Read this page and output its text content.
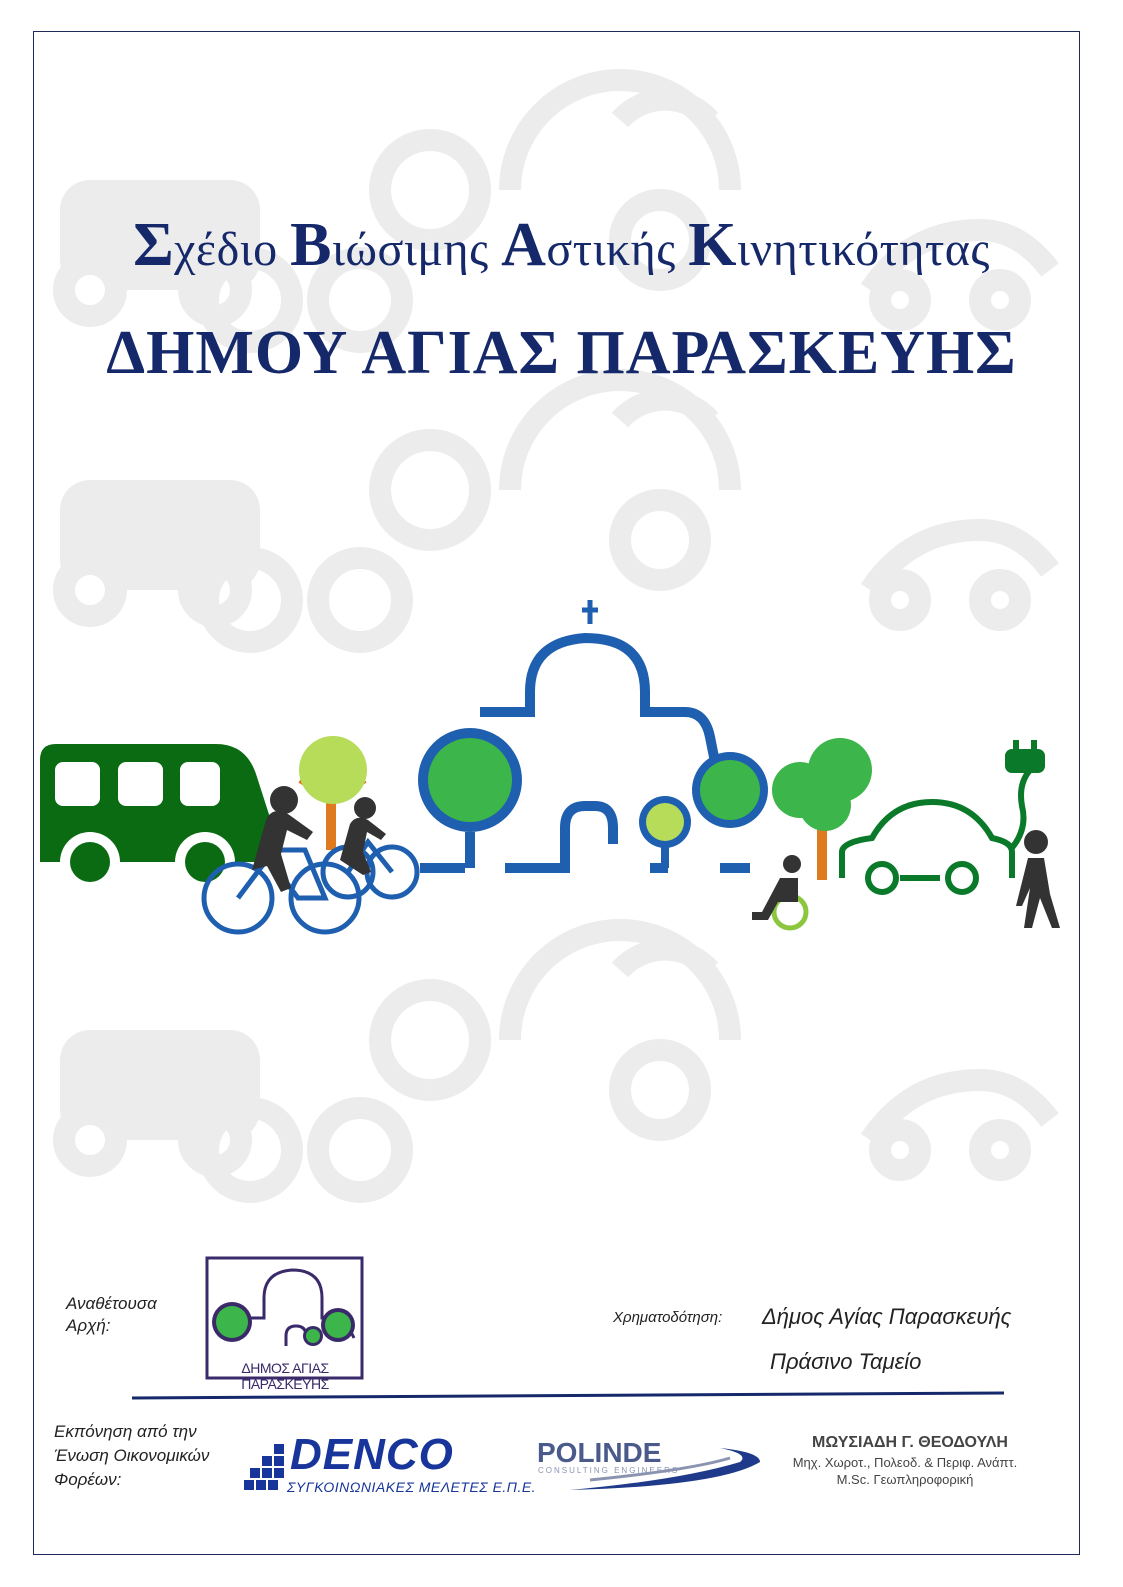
Σχέδιο Βιώσιμης Αστικής Κινητικότητας
ΔΗΜΟΥ ΑΓΙΑΣ ΠΑΡΑΣΚΕΥΗΣ
Αναθέτουσα Αρχή:
ΔΗΜΟΣ ΑΓΙΑΣ ΠΑΡΑΣΚΕΥΗΣ
Χρηματοδότηση: Δήμος Αγίας Παρασκευής
Πράσινο Ταμείο
Εκπόνηση από την Ένωση Οικονομικών Φορέων:
DENCO
ΣΥΓΚΟΙΝΩΝΙΑΚΕΣ ΜΕΛΕΤΕΣ Ε.Π.Ε.
POLINDE
CONSULTING ENGINEERS
ΜΩΥΣΙΑΔΗ Γ. ΘΕΟΔΟΥΛΗ
Μηχ. Χωροτ., Πολεοδ. & Περιφ. Ανάπτ.
M.Sc. Γεωπληροφορική
